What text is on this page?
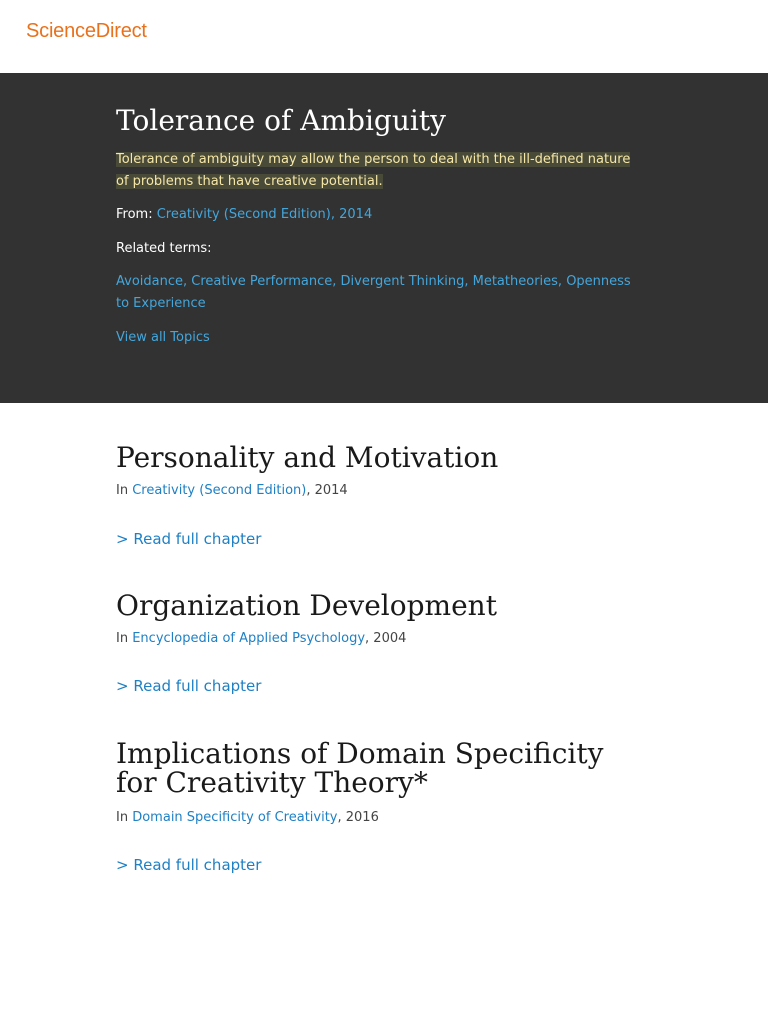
ScienceDirect
Tolerance of Ambiguity
Tolerance of ambiguity may allow the person to deal with the ill-defined nature of problems that have creative potential.
From: Creativity (Second Edition), 2014
Related terms:
Avoidance, Creative Performance, Divergent Thinking, Metatheories, Openness to Experience
View all Topics
Personality and Motivation
In Creativity (Second Edition), 2014
> Read full chapter
Organization Development
In Encyclopedia of Applied Psychology, 2004
> Read full chapter
Implications of Domain Specificity for Creativity Theory*
In Domain Specificity of Creativity, 2016
> Read full chapter
